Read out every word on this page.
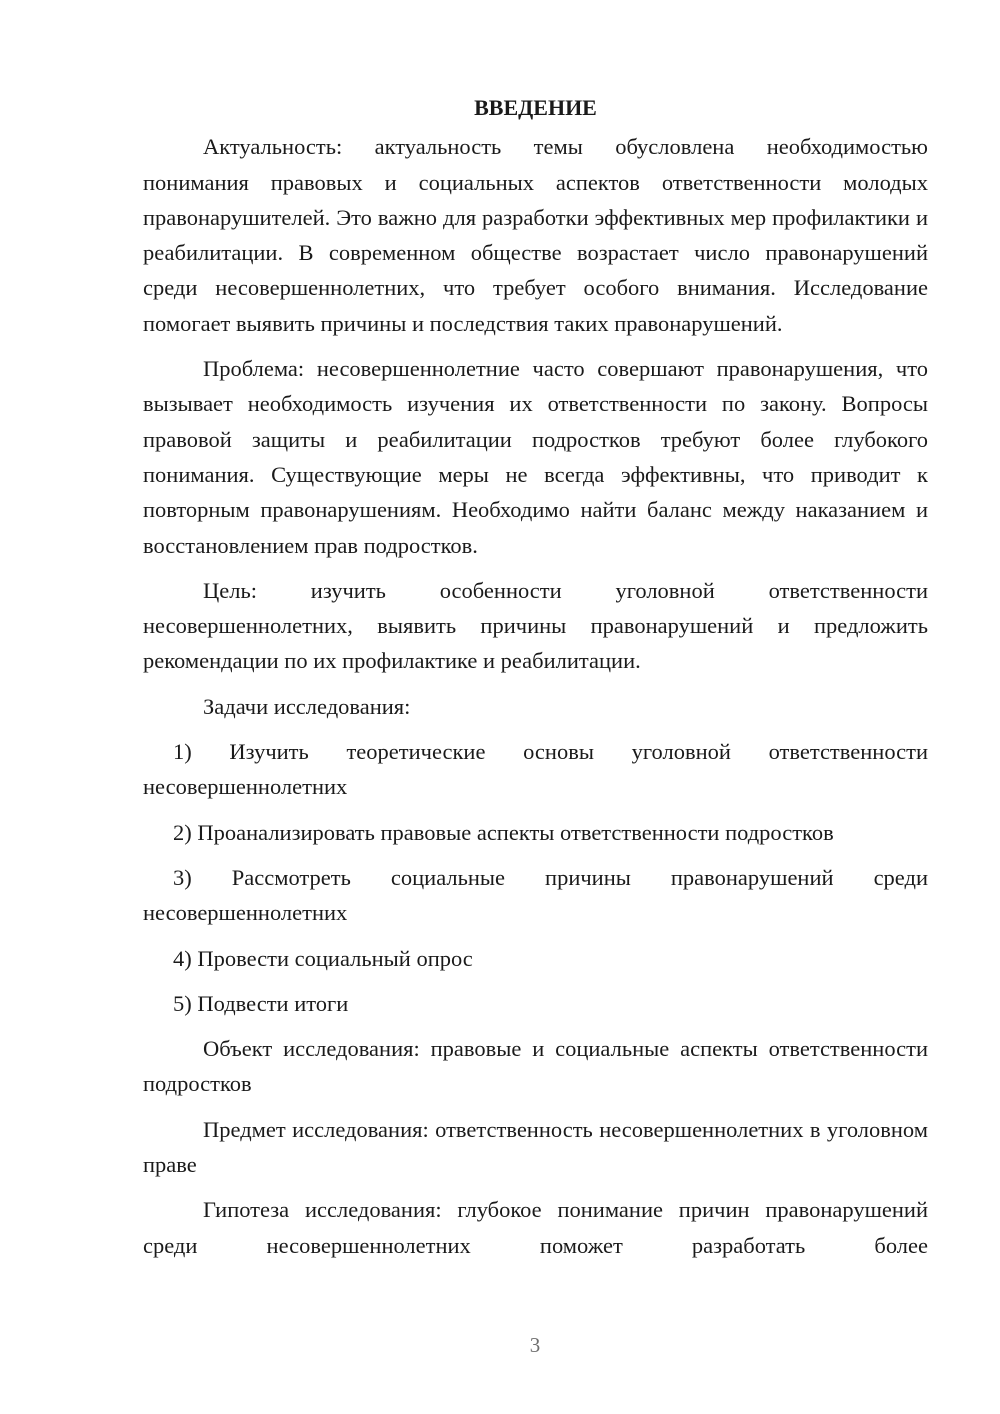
ВВЕДЕНИЕ

Актуальность: актуальность темы обусловлена необходимостью понимания правовых и социальных аспектов ответственности молодых правонарушителей. Это важно для разработки эффективных мер профилактики и реабилитации. В современном обществе возрастает число правонарушений среди несовершеннолетних, что требует особого внимания. Исследование помогает выявить причины и последствия таких правонарушений.

Проблема: несовершеннолетние часто совершают правонарушения, что вызывает необходимость изучения их ответственности по закону. Вопросы правовой защиты и реабилитации подростков требуют более глубокого понимания. Существующие меры не всегда эффективны, что приводит к повторным правонарушениям. Необходимо найти баланс между наказанием и восстановлением прав подростков.

Цель: изучить особенности уголовной ответственности несовершеннолетних, выявить причины правонарушений и предложить рекомендации по их профилактике и реабилитации.

Задачи исследования:

1) Изучить теоретические основы уголовной ответственности несовершеннолетних

2) Проанализировать правовые аспекты ответственности подростков

3) Рассмотреть социальные причины правонарушений среди несовершеннолетних

4) Провести социальный опрос

5) Подвести итоги

Объект исследования: правовые и социальные аспекты ответственности подростков

Предмет исследования: ответственность несовершеннолетних в уголовном праве

Гипотеза исследования: глубокое понимание причин правонарушений среди несовершеннолетних поможет разработать более

3
